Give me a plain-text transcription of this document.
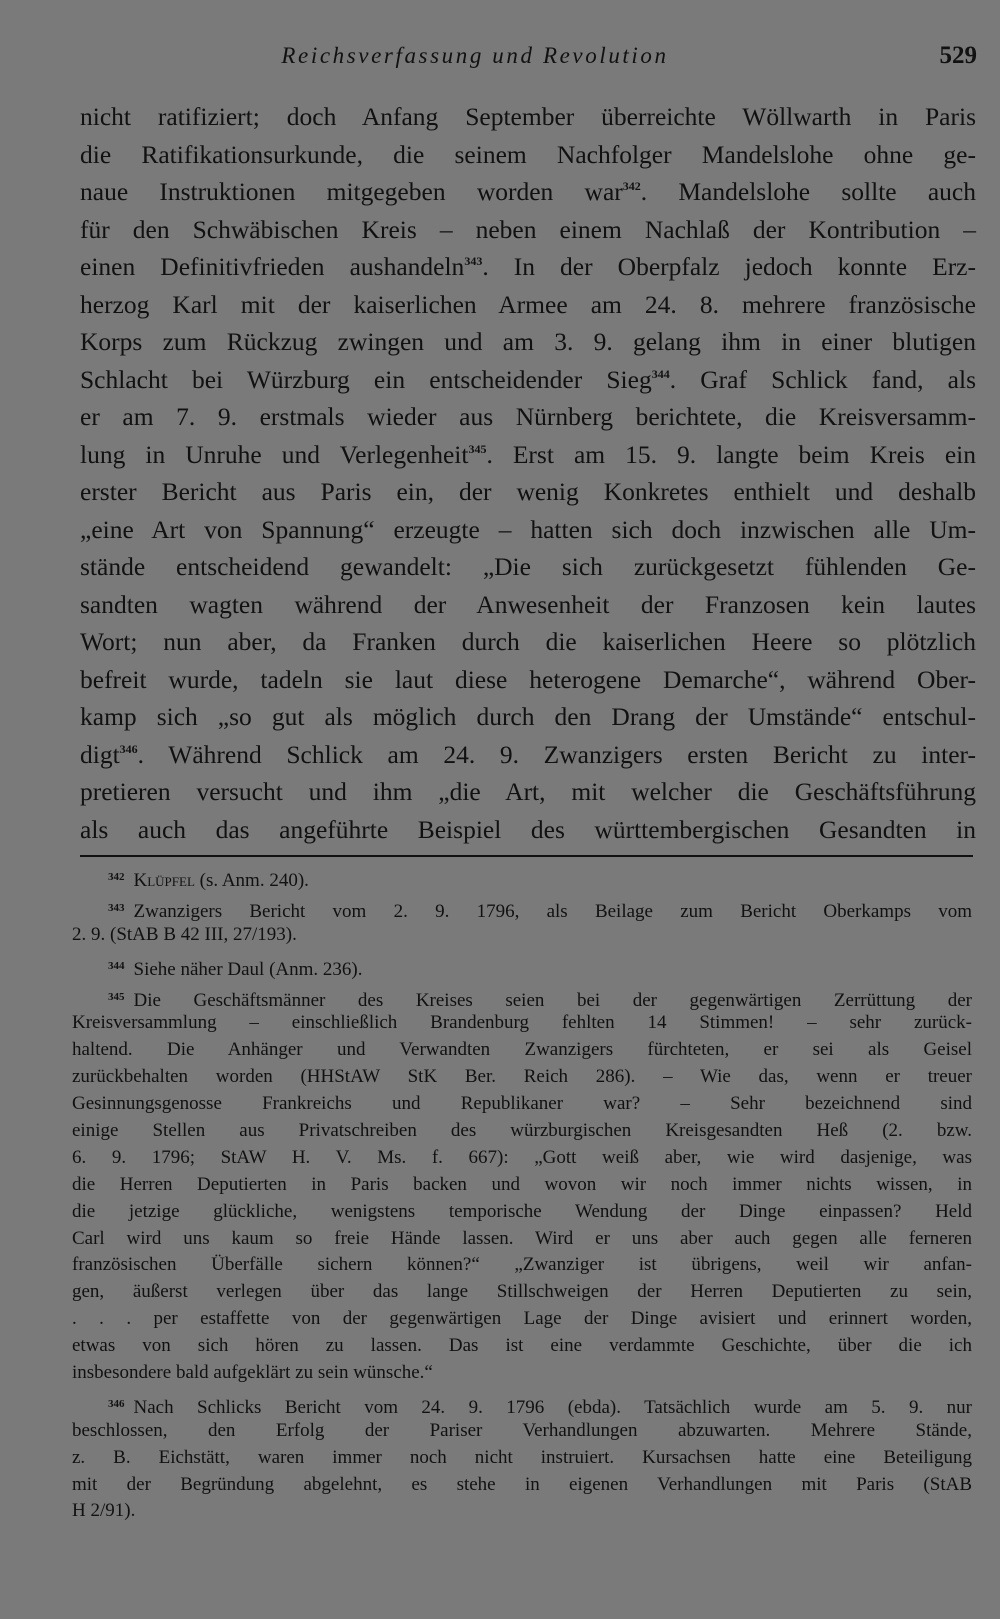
Reichsverfassung und Revolution	529
nicht ratifiziert; doch Anfang September überreichte Wöllwarth in Paris
die Ratifikationsurkunde, die seinem Nachfolger Mandelslohe ohne ge-
naue Instruktionen mitgegeben worden war$^{342}$. Mandelslohe sollte auch
für den Schwäbischen Kreis – neben einem Nachlaß der Kontribution –
einen Definitivfrieden aushandeln$^{343}$. In der Oberpfalz jedoch konnte Erz-
herzog Karl mit der kaiserlichen Armee am 24. 8. mehrere französische
Korps zum Rückzug zwingen und am 3. 9. gelang ihm in einer blutigen
Schlacht bei Würzburg ein entscheidender Sieg$^{344}$. Graf Schlick fand, als
er am 7. 9. erstmals wieder aus Nürnberg berichtete, die Kreisversamm-
lung in Unruhe und Verlegenheit$^{345}$. Erst am 15. 9. langte beim Kreis ein
erster Bericht aus Paris ein, der wenig Konkretes enthielt und deshalb
„eine Art von Spannung“ erzeugte – hatten sich doch inzwischen alle Um-
stände entscheidend gewandelt: „Die sich zurückgesetzt fühlenden Ge-
sandten wagten während der Anwesenheit der Franzosen kein lautes
Wort; nun aber, da Franken durch die kaiserlichen Heere so plötzlich
befreit wurde, tadeln sie laut diese heterogene Demarche“, während Ober-
kamp sich „so gut als möglich durch den Drang der Umstände“ entschul-
digt$^{346}$. Während Schlick am 24. 9. Zwanzigers ersten Bericht zu inter-
pretieren versucht und ihm „die Art, mit welcher die Geschäftsführung
als auch das angeführte Beispiel des württembergischen Gesandten in
$^{342}$ Klüpfel (s. Anm. 240).
$^{343}$ Zwanzigers Bericht vom 2. 9. 1796, als Beilage zum Bericht Oberkamps vom
2. 9. (StAB B 42 III, 27/193).
$^{344}$ Siehe näher Daul (Anm. 236).
$^{345}$ Die Geschäftsmänner des Kreises seien bei der gegenwärtigen Zerrüttung der
Kreisversammlung – einschließlich Brandenburg fehlten 14 Stimmen! – sehr zurück-
haltend. Die Anhänger und Verwandten Zwanzigers fürchteten, er sei als Geisel
zurückbehalten worden (HHStAW StK Ber. Reich 286). – Wie das, wenn er treuer
Gesinnungsgenosse Frankreichs und Republikaner war? – Sehr bezeichnend sind
einige Stellen aus Privatschreiben des würzburgischen Kreisgesandten Heß (2. bzw.
6. 9. 1796; StAW H. V. Ms. f. 667): „Gott weiß aber, wie wird dasjenige, was
die Herren Deputierten in Paris backen und wovon wir noch immer nichts wissen, in
die jetzige glückliche, wenigstens temporische Wendung der Dinge einpassen? Held
Carl wird uns kaum so freie Hände lassen. Wird er uns aber auch gegen alle ferneren
französischen Überfälle sichern können?“ „Zwanziger ist übrigens, weil wir anfan-
gen, äußerst verlegen über das lange Stillschweigen der Herren Deputierten zu sein,
. . . per estaffette von der gegenwärtigen Lage der Dinge avisiert und erinnert worden,
etwas von sich hören zu lassen. Das ist eine verdammte Geschichte, über die ich
insbesondere bald aufgeklärt zu sein wünsche.“
$^{346}$ Nach Schlicks Bericht vom 24. 9. 1796 (ebda). Tatsächlich wurde am 5. 9. nur
beschlossen, den Erfolg der Pariser Verhandlungen abzuwarten. Mehrere Stände,
z. B. Eichstätt, waren immer noch nicht instruiert. Kursachsen hatte eine Beteiligung
mit der Begründung abgelehnt, es stehe in eigenen Verhandlungen mit Paris (StAB
H 2/91).
